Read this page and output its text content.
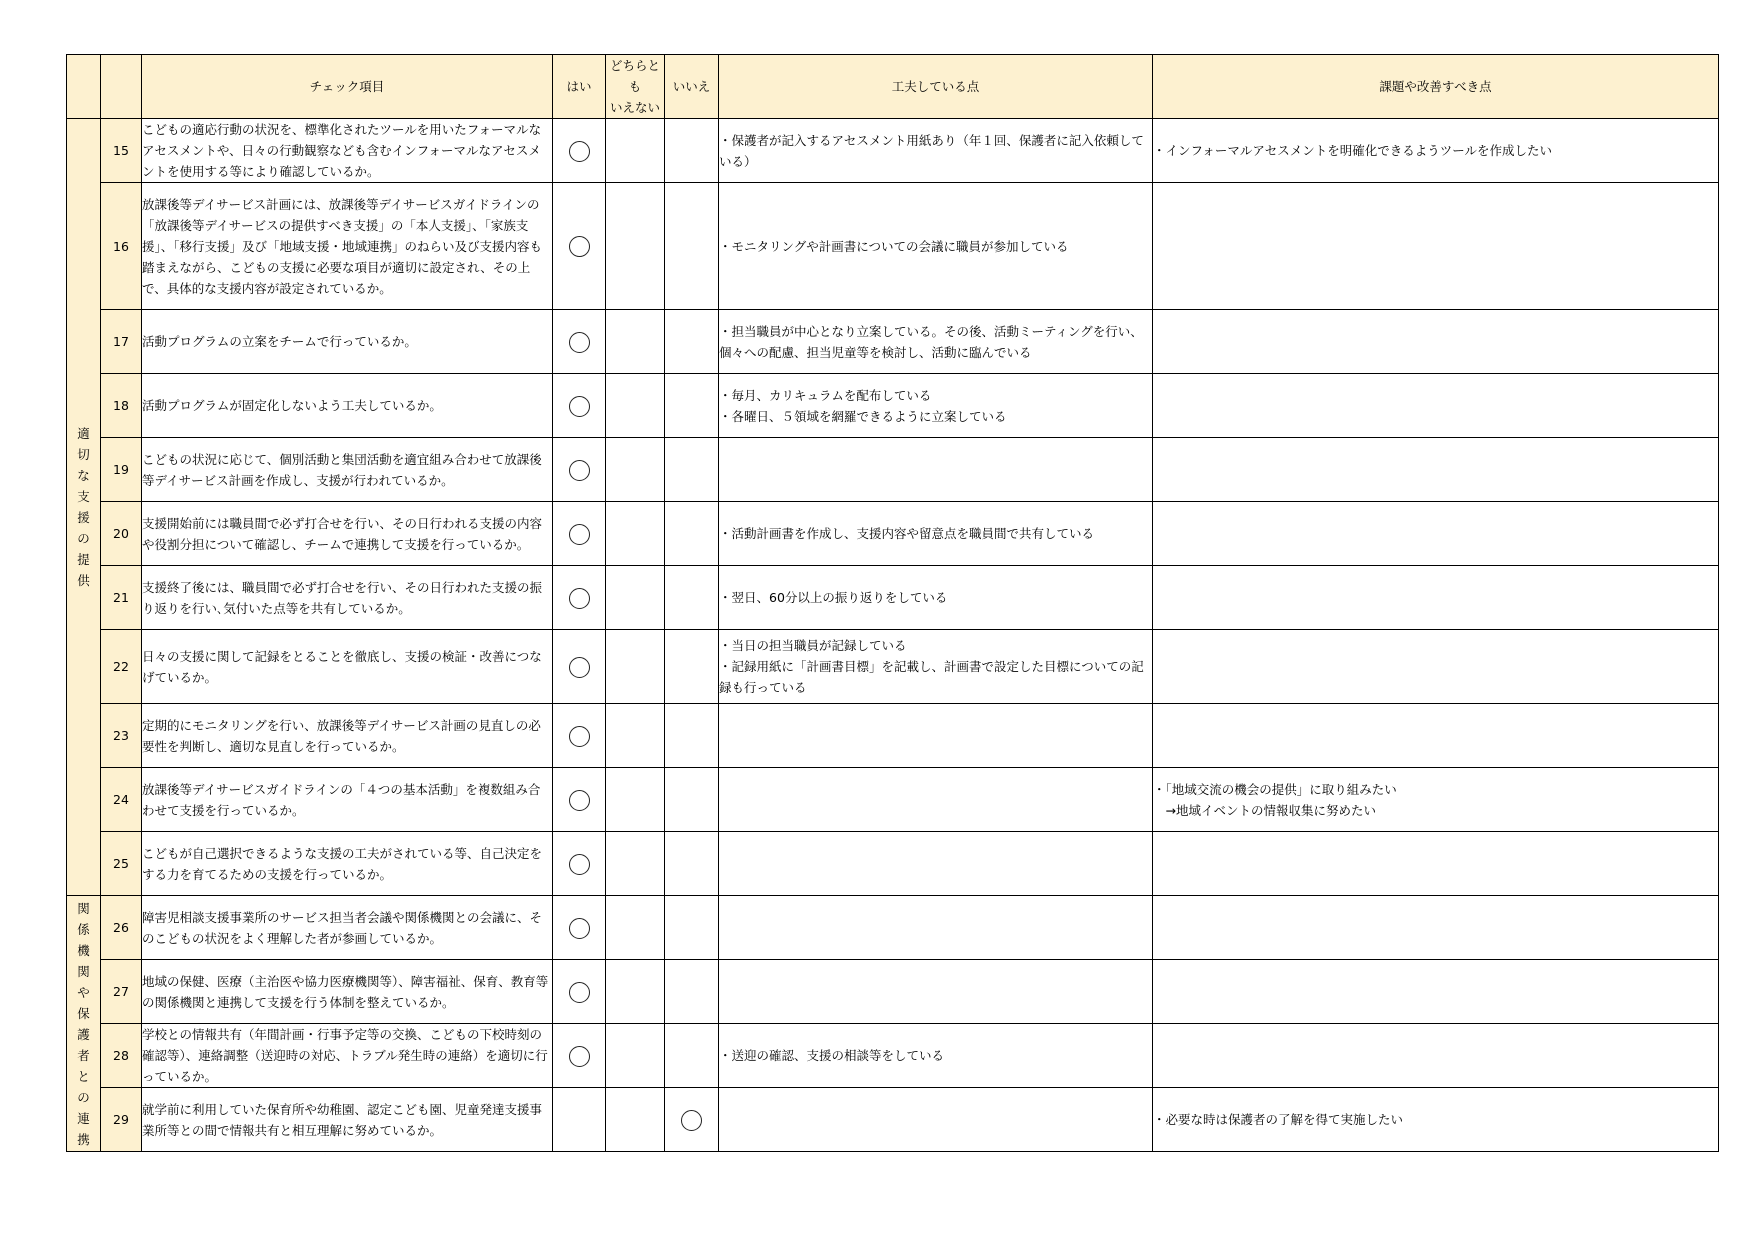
		チェック項目	はい	どちらとも
いえない	いいえ	工夫している点	課題や改善すべき点
適切な支援の提供	15	こどもの適応行動の状況を、標準化されたツールを用いたフォーマルなアセスメントや、日々の行動観察なども含むインフォーマルなアセスメントを使用する等により確認しているか。				・保護者が記入するアセスメント用紙あり（年１回、保護者に記入依頼している）	・インフォーマルアセスメントを明確化できるようツールを作成したい
	16	放課後等デイサービス計画には、放課後等デイサービスガイドラインの「放課後等デイサービスの提供すべき支援」の「本人支援」、「家族支援」、「移行支援」及び「地域支援・地域連携」のねらい及び支援内容も踏まえながら、こどもの支援に必要な項目が適切に設定され、その上で、具体的な支援内容が設定されているか。				・モニタリングや計画書についての会議に職員が参加している	
	17	活動プログラムの立案をチームで行っているか。				・担当職員が中心となり立案している。その後、活動ミーティングを行い、個々への配慮、担当児童等を検討し、活動に臨んでいる	
	18	活動プログラムが固定化しないよう工夫しているか。				・毎月、カリキュラムを配布している
・各曜日、５領域を網羅できるように立案している	
	19	こどもの状況に応じて、個別活動と集団活動を適宜組み合わせて放課後等デイサービス計画を作成し、支援が行われているか。					
	20	支援開始前には職員間で必ず打合せを行い、その日行われる支援の内容や役割分担について確認し、チームで連携して支援を行っているか。				・活動計画書を作成し、支援内容や留意点を職員間で共有している	
	21	支援終了後には、職員間で必ず打合せを行い、その日行われた支援の振り返りを行い､気付いた点等を共有しているか。				・翌日、60分以上の振り返りをしている	
	22	日々の支援に関して記録をとることを徹底し、支援の検証・改善につなげているか。				・当日の担当職員が記録している
・記録用紙に「計画書目標」を記載し、計画書で設定した目標についての記録も行っている	
	23	定期的にモニタリングを行い、放課後等デイサービス計画の見直しの必要性を判断し、適切な見直しを行っているか。					
	24	放課後等デイサービスガイドラインの「４つの基本活動」を複数組み合わせて支援を行っているか。					・「地域交流の機会の提供」に取り組みたい
　→地域イベントの情報収集に努めたい
	25	こどもが自己選択できるような支援の工夫がされている等、自己決定をする力を育てるための支援を行っているか。					
関係機関や保護者との連携	26	障害児相談支援事業所のサービス担当者会議や関係機関との会議に、そのこどもの状況をよく理解した者が参画しているか。					
	27	地域の保健、医療（主治医や協力医療機関等）、障害福祉、保育、教育等の関係機関と連携して支援を行う体制を整えているか。					
	28	学校との情報共有（年間計画・行事予定等の交換、こどもの下校時刻の確認等）、連絡調整（送迎時の対応、トラブル発生時の連絡）を適切に行っているか。				・送迎の確認、支援の相談等をしている	
	29	就学前に利用していた保育所や幼稚園、認定こども園、児童発達支援事業所等との間で情報共有と相互理解に努めているか。					・必要な時は保護者の了解を得て実施したい
